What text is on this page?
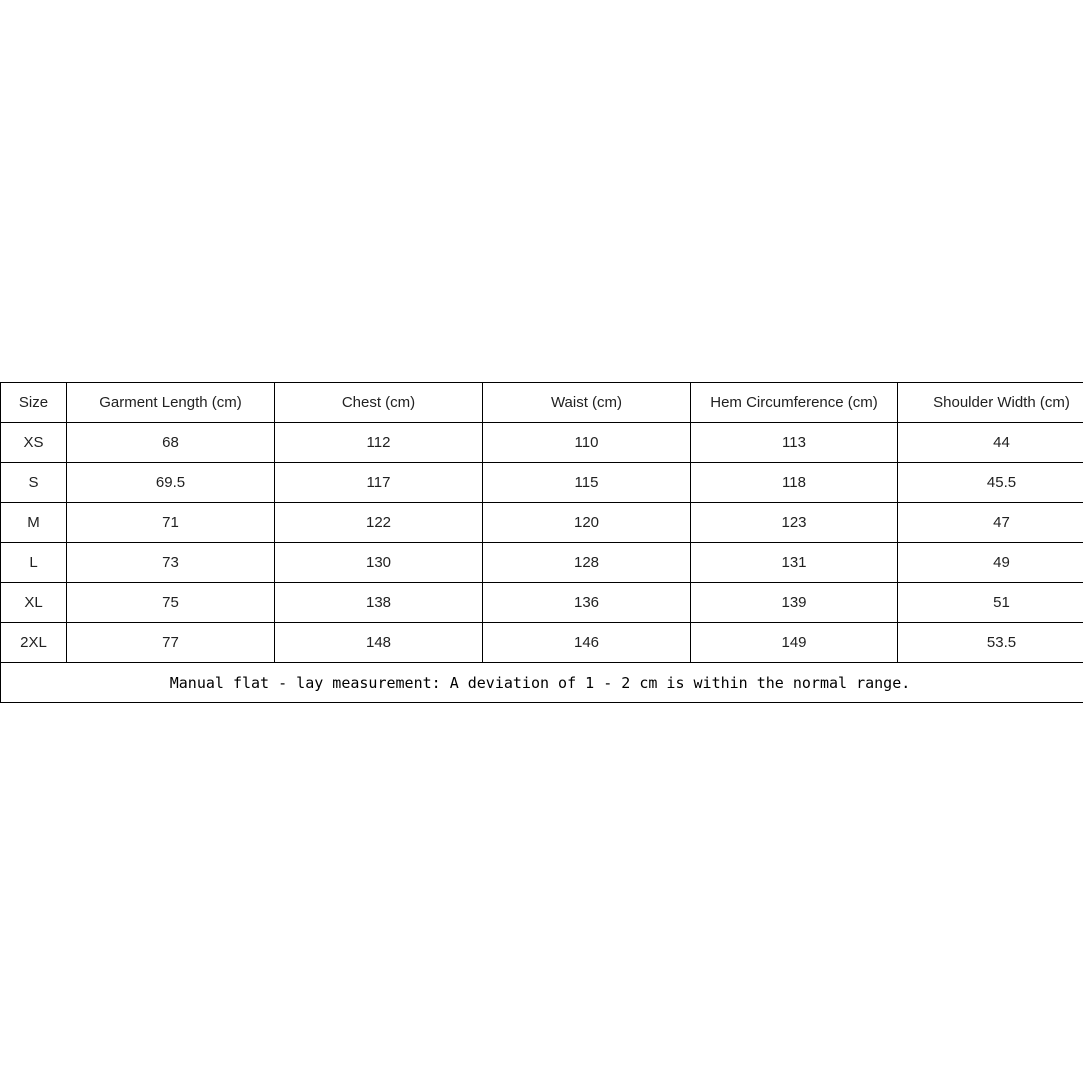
Size	Garment Length (cm)	Chest (cm)	Waist (cm)	Hem Circumference (cm)	Shoulder Width (cm)
XS	68	112	110	113	44
S	69.5	117	115	118	45.5
M	71	122	120	123	47
L	73	130	128	131	49
XL	75	138	136	139	51
2XL	77	148	146	149	53.5
Manual flat - lay measurement: A deviation of 1 - 2 cm is within the normal range.					
